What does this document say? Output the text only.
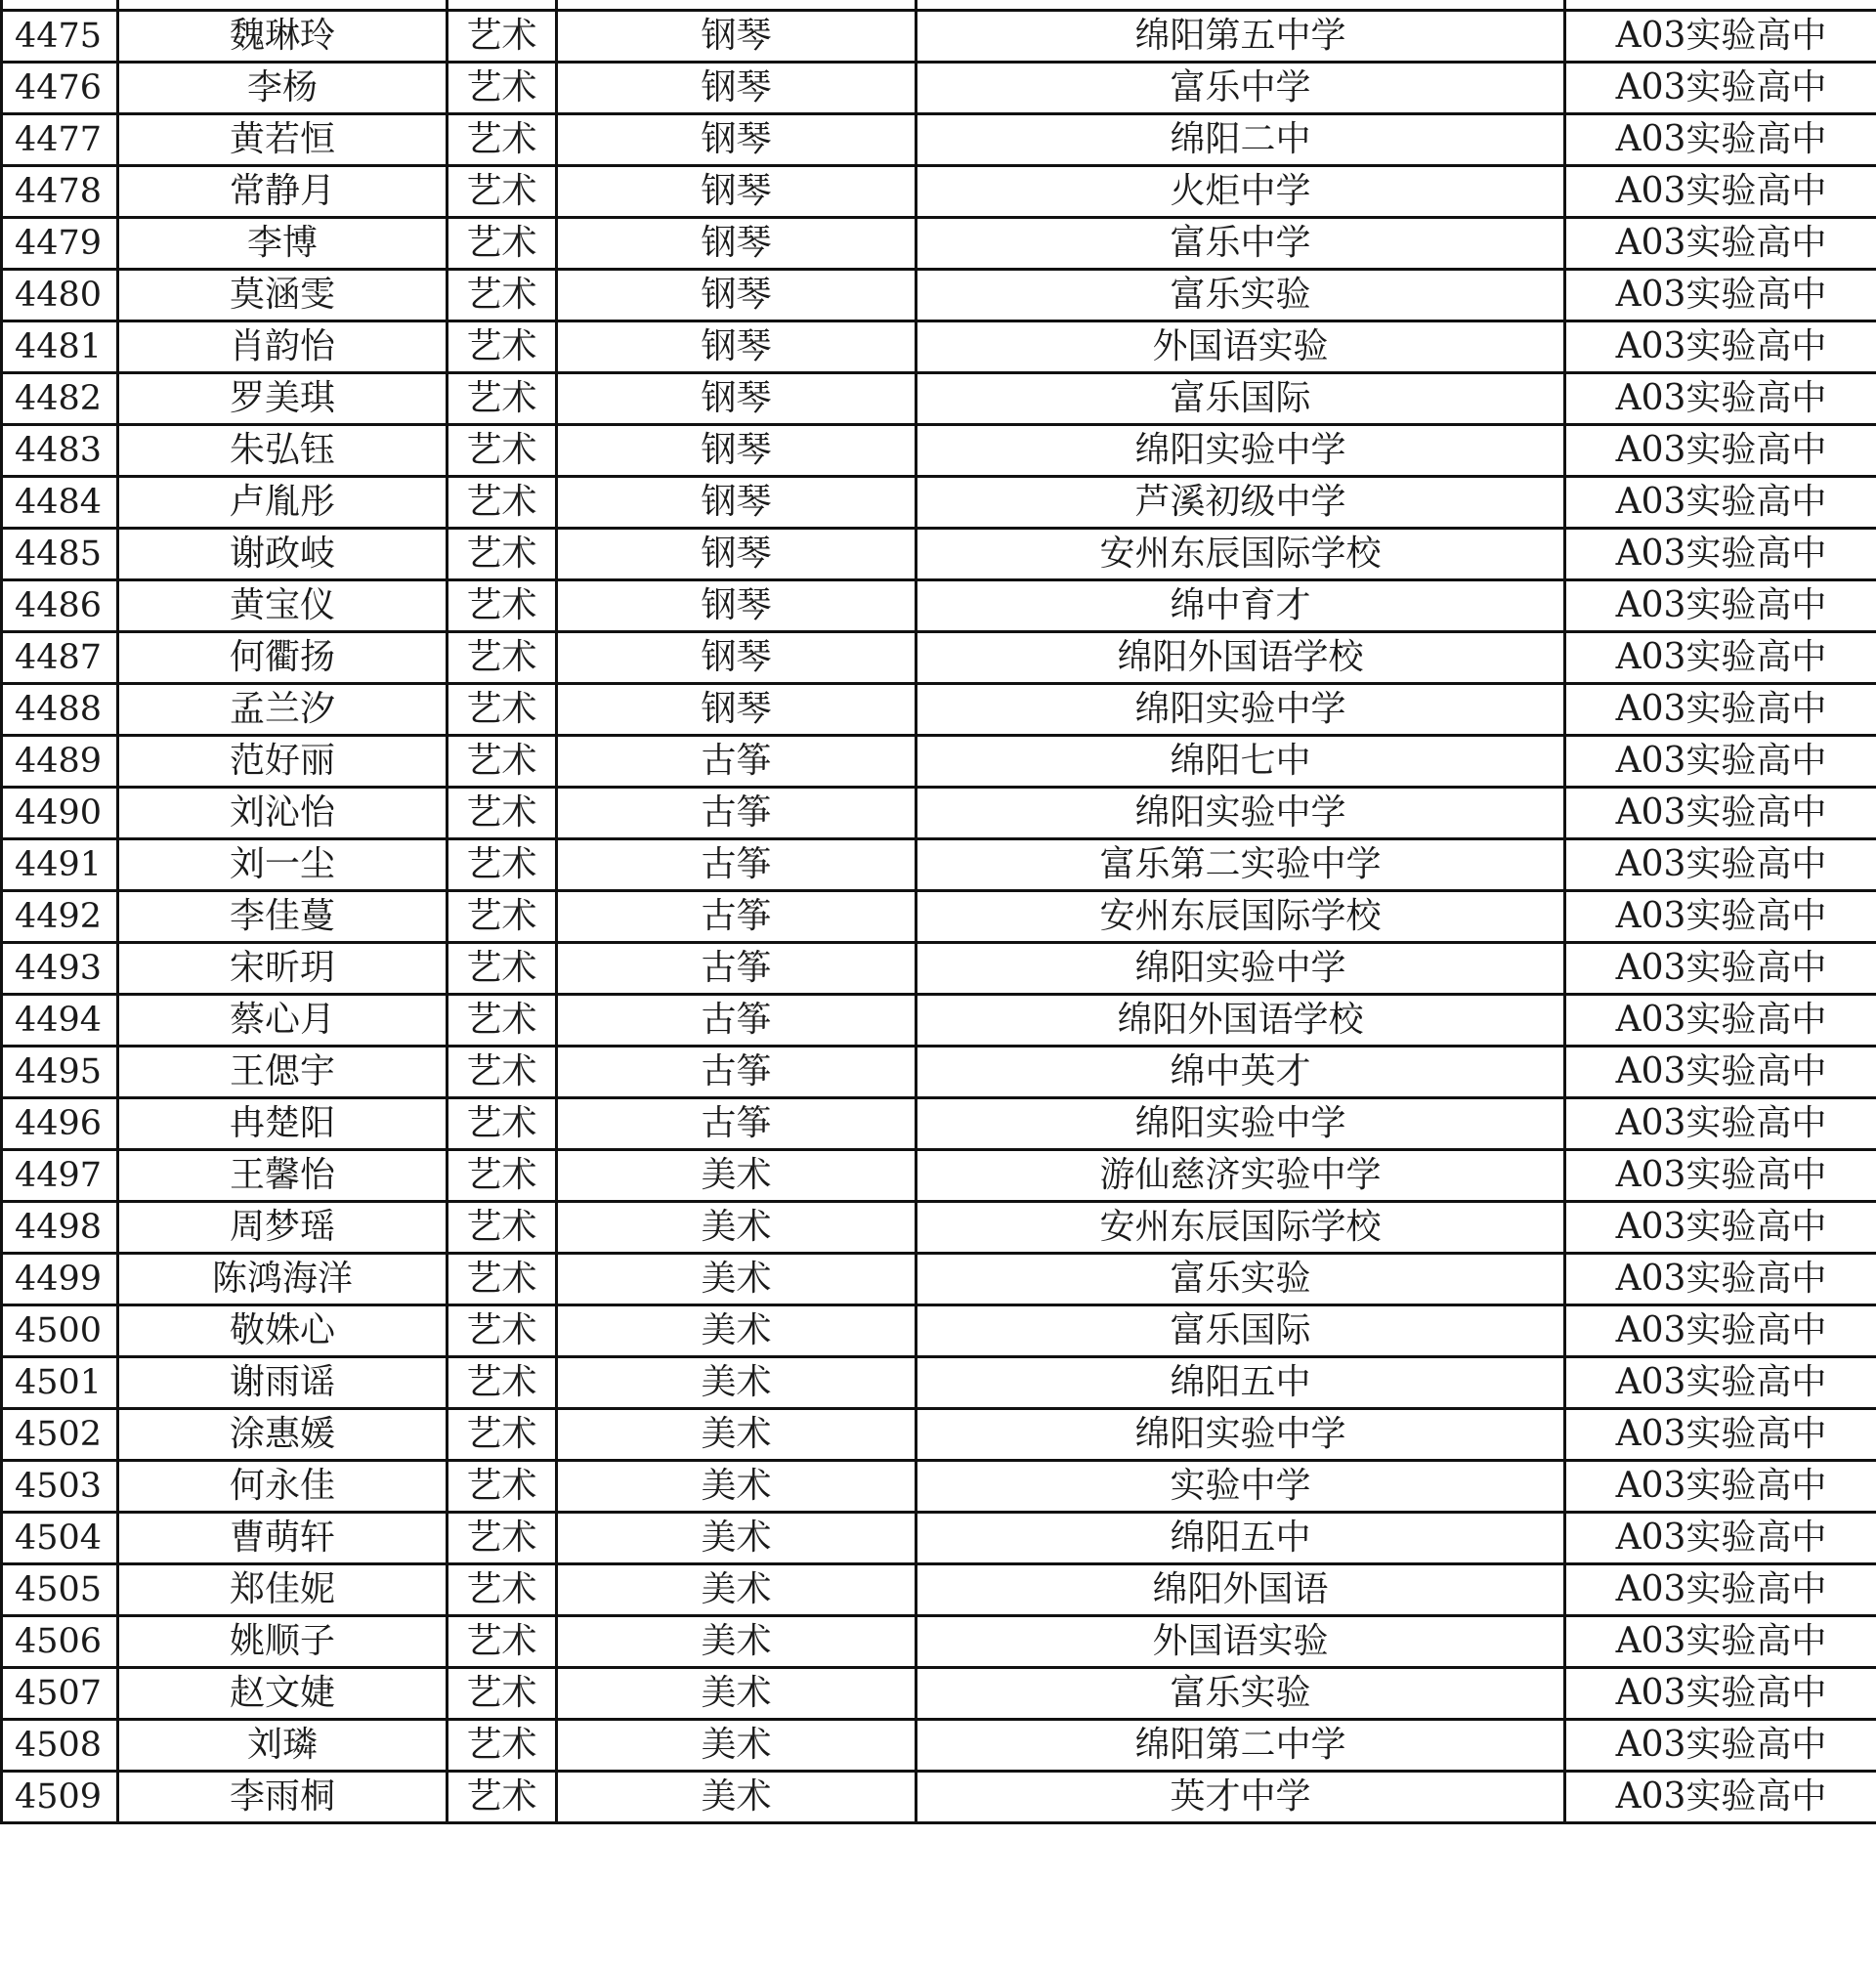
4475	魏琳玲	艺术	钢琴	绵阳第五中学	A03实验高中
4476	李杨	艺术	钢琴	富乐中学	A03实验高中
4477	黄若恒	艺术	钢琴	绵阳二中	A03实验高中
4478	常静月	艺术	钢琴	火炬中学	A03实验高中
4479	李博	艺术	钢琴	富乐中学	A03实验高中
4480	莫涵雯	艺术	钢琴	富乐实验	A03实验高中
4481	肖韵怡	艺术	钢琴	外国语实验	A03实验高中
4482	罗美琪	艺术	钢琴	富乐国际	A03实验高中
4483	朱弘钰	艺术	钢琴	绵阳实验中学	A03实验高中
4484	卢胤彤	艺术	钢琴	芦溪初级中学	A03实验高中
4485	谢政岐	艺术	钢琴	安州东辰国际学校	A03实验高中
4486	黄宝仪	艺术	钢琴	绵中育才	A03实验高中
4487	何衢扬	艺术	钢琴	绵阳外国语学校	A03实验高中
4488	孟兰汐	艺术	钢琴	绵阳实验中学	A03实验高中
4489	范好丽	艺术	古筝	绵阳七中	A03实验高中
4490	刘沁怡	艺术	古筝	绵阳实验中学	A03实验高中
4491	刘一尘	艺术	古筝	富乐第二实验中学	A03实验高中
4492	李佳蔓	艺术	古筝	安州东辰国际学校	A03实验高中
4493	宋昕玥	艺术	古筝	绵阳实验中学	A03实验高中
4494	蔡心月	艺术	古筝	绵阳外国语学校	A03实验高中
4495	王偲宇	艺术	古筝	绵中英才	A03实验高中
4496	冉楚阳	艺术	古筝	绵阳实验中学	A03实验高中
4497	王馨怡	艺术	美术	游仙慈济实验中学	A03实验高中
4498	周梦瑶	艺术	美术	安州东辰国际学校	A03实验高中
4499	陈鸿海洋	艺术	美术	富乐实验	A03实验高中
4500	敬姝心	艺术	美术	富乐国际	A03实验高中
4501	谢雨谣	艺术	美术	绵阳五中	A03实验高中
4502	涂惠媛	艺术	美术	绵阳实验中学	A03实验高中
4503	何永佳	艺术	美术	实验中学	A03实验高中
4504	曹萌轩	艺术	美术	绵阳五中	A03实验高中
4505	郑佳妮	艺术	美术	绵阳外国语	A03实验高中
4506	姚顺子	艺术	美术	外国语实验	A03实验高中
4507	赵文婕	艺术	美术	富乐实验	A03实验高中
4508	刘璘	艺术	美术	绵阳第二中学	A03实验高中
4509	李雨桐	艺术	美术	英才中学	A03实验高中
